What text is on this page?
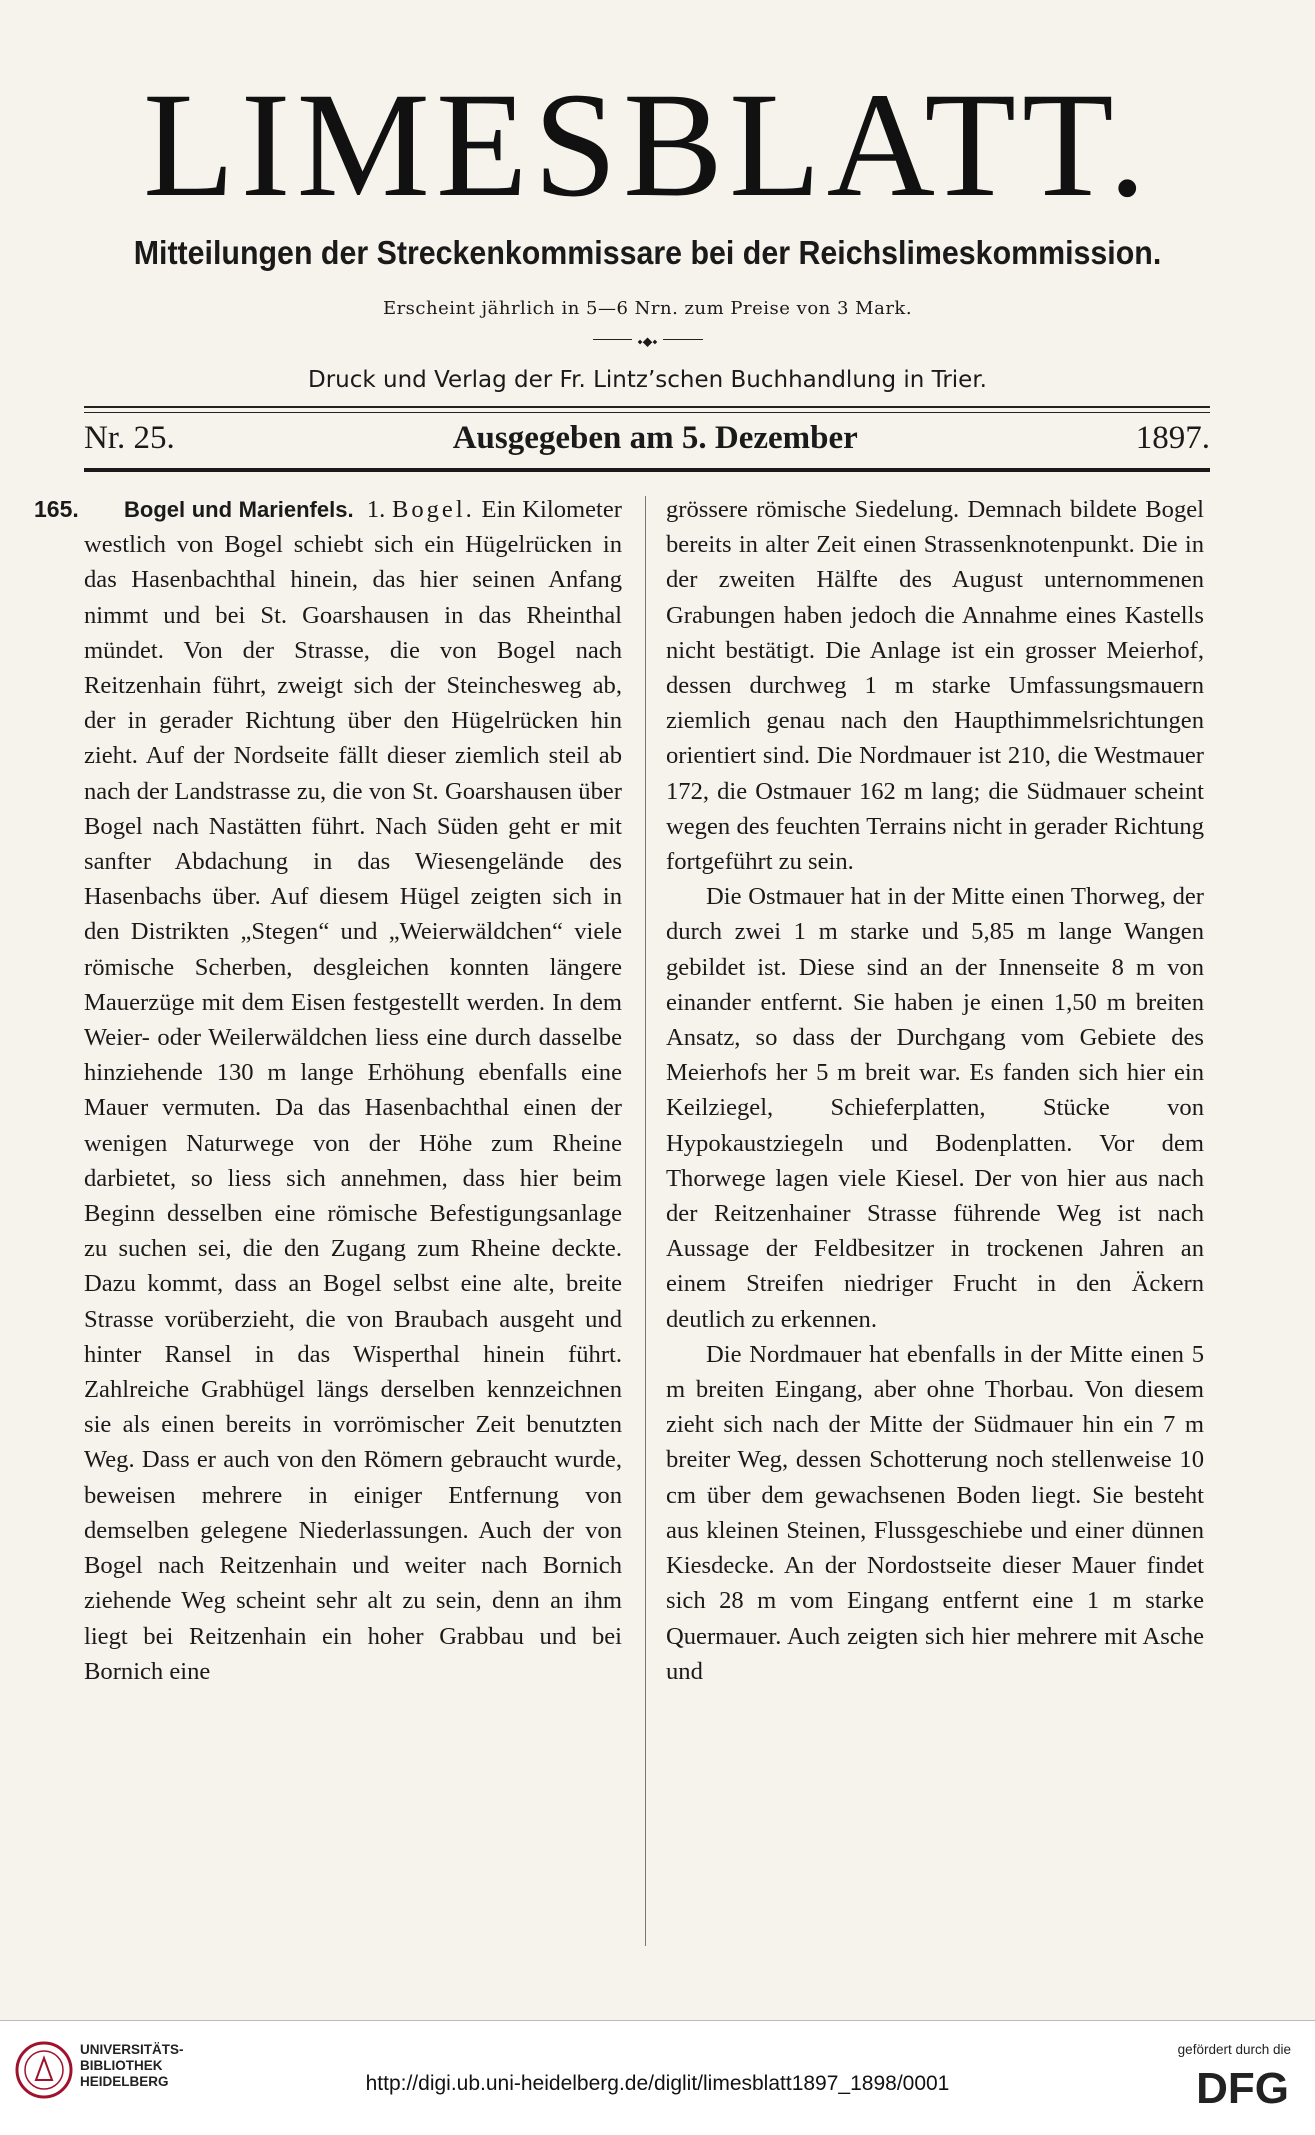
LIMESBLATT.
Mitteilungen der Streckenkommissare bei der Reichslimeskommission.
Erscheint jährlich in 5—6 Nrn. zum Preise von 3 Mark.
⬩⬥⬩
Druck und Verlag der Fr. Lintz’schen Buchhandlung in Trier.
Nr. 25.	Ausgegeben am 5. Dezember	1897.
165.	Bogel und Marienfels. 1. Bogel. Ein Kilometer westlich von Bogel schiebt sich ein Hügelrücken in das Hasenbachthal hinein, das hier seinen Anfang nimmt und bei St. Goarshausen in das Rheinthal mündet. Von der Strasse, die von Bogel nach Reitzenhain führt, zweigt sich der Steinchesweg ab, der in gerader Richtung über den Hügelrücken hin zieht. Auf der Nordseite fällt dieser ziemlich steil ab nach der Landstrasse zu, die von St. Goarshausen über Bogel nach Nastätten führt. Nach Süden geht er mit sanfter Abdachung in das Wiesengelände des Hasenbachs über. Auf diesem Hügel zeigten sich in den Distrikten „Stegen“ und „Weierwäldchen“ viele römische Scherben, desgleichen konnten längere Mauerzüge mit dem Eisen festgestellt werden. In dem Weier- oder Weilerwäldchen liess eine durch dasselbe hinziehende 130 m lange Erhöhung ebenfalls eine Mauer vermuten. Da das Hasenbachthal einen der wenigen Naturwege von der Höhe zum Rheine darbietet, so liess sich annehmen, dass hier beim Beginn desselben eine römische Befestigungsanlage zu suchen sei, die den Zugang zum Rheine deckte. Dazu kommt, dass an Bogel selbst eine alte, breite Strasse vorüberzieht, die von Braubach ausgeht und hinter Ransel in das Wisperthal hinein führt. Zahlreiche Grabhügel längs derselben kennzeichnen sie als einen bereits in vorrömischer Zeit benutzten Weg. Dass er auch von den Römern gebraucht wurde, beweisen mehrere in einiger Entfernung von demselben gelegene Niederlassungen. Auch der von Bogel nach Reitzenhain und weiter nach Bornich ziehende Weg scheint sehr alt zu sein, denn an ihm liegt bei Reitzenhain ein hoher Grabbau und bei Bornich eine

grössere römische Siedelung. Demnach bildete Bogel bereits in alter Zeit einen Strassenknotenpunkt. Die in der zweiten Hälfte des August unternommenen Grabungen haben jedoch die Annahme eines Kastells nicht bestätigt. Die Anlage ist ein grosser Meierhof, dessen durchweg 1 m starke Umfassungsmauern ziemlich genau nach den Haupthimmelsrichtungen orientiert sind. Die Nordmauer ist 210, die Westmauer 172, die Ostmauer 162 m lang; die Südmauer scheint wegen des feuchten Terrains nicht in gerader Richtung fortgeführt zu sein.

Die Ostmauer hat in der Mitte einen Thorweg, der durch zwei 1 m starke und 5,85 m lange Wangen gebildet ist. Diese sind an der Innenseite 8 m von einander entfernt. Sie haben je einen 1,50 m breiten Ansatz, so dass der Durchgang vom Gebiete des Meierhofs her 5 m breit war. Es fanden sich hier ein Keilziegel, Schieferplatten, Stücke von Hypokaustziegeln und Bodenplatten. Vor dem Thorwege lagen viele Kiesel. Der von hier aus nach der Reitzenhainer Strasse führende Weg ist nach Aussage der Feldbesitzer in trockenen Jahren an einem Streifen niedriger Frucht in den Äckern deutlich zu erkennen.

Die Nordmauer hat ebenfalls in der Mitte einen 5 m breiten Eingang, aber ohne Thorbau. Von diesem zieht sich nach der Mitte der Südmauer hin ein 7 m breiter Weg, dessen Schotterung noch stellenweise 10 cm über dem gewachsenen Boden liegt. Sie besteht aus kleinen Steinen, Flussgeschiebe und einer dünnen Kiesdecke. An der Nordostseite dieser Mauer findet sich 28 m vom Eingang entfernt eine 1 m starke Quermauer. Auch zeigten sich hier mehrere mit Asche und

UNIVERSITÄTS-
BIBLIOTHEK
HEIDELBERG	http://digi.ub.uni-heidelberg.de/diglit/limesblatt1897_1898/0001
gefördert durch die
DFG
